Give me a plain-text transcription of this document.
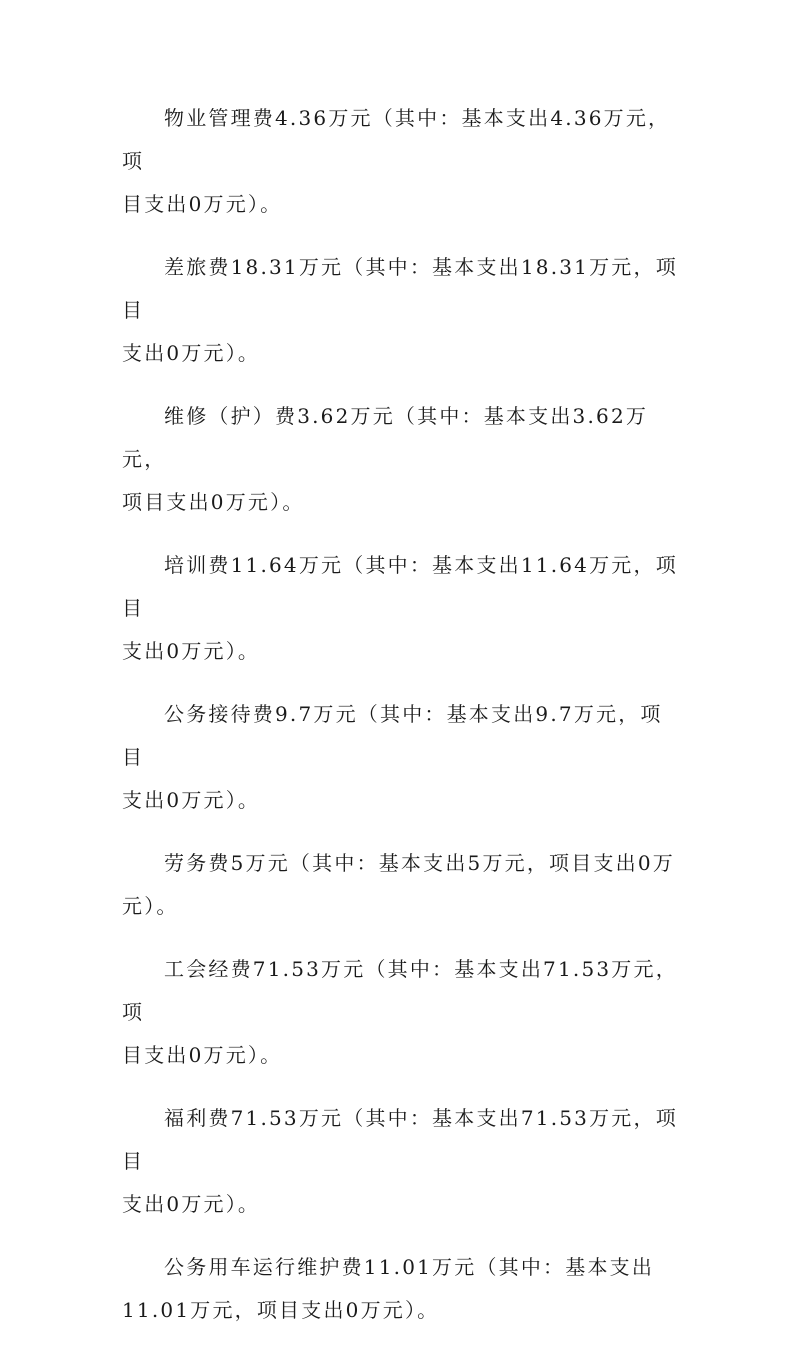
物业管理费4.36万元（其中：基本支出4.36万元，项
目支出0万元）。

差旅费18.31万元（其中：基本支出18.31万元，项目
支出0万元）。

维修（护）费3.62万元（其中：基本支出3.62万元，
项目支出0万元）。

培训费11.64万元（其中：基本支出11.64万元，项目
支出0万元）。

公务接待费9.7万元（其中：基本支出9.7万元，项目
支出0万元）。

劳务费5万元（其中：基本支出5万元，项目支出0万
元）。

工会经费71.53万元（其中：基本支出71.53万元，项
目支出0万元）。

福利费71.53万元（其中：基本支出71.53万元，项目
支出0万元）。

公务用车运行维护费11.01万元（其中：基本支出
11.01万元，项目支出0万元）。
